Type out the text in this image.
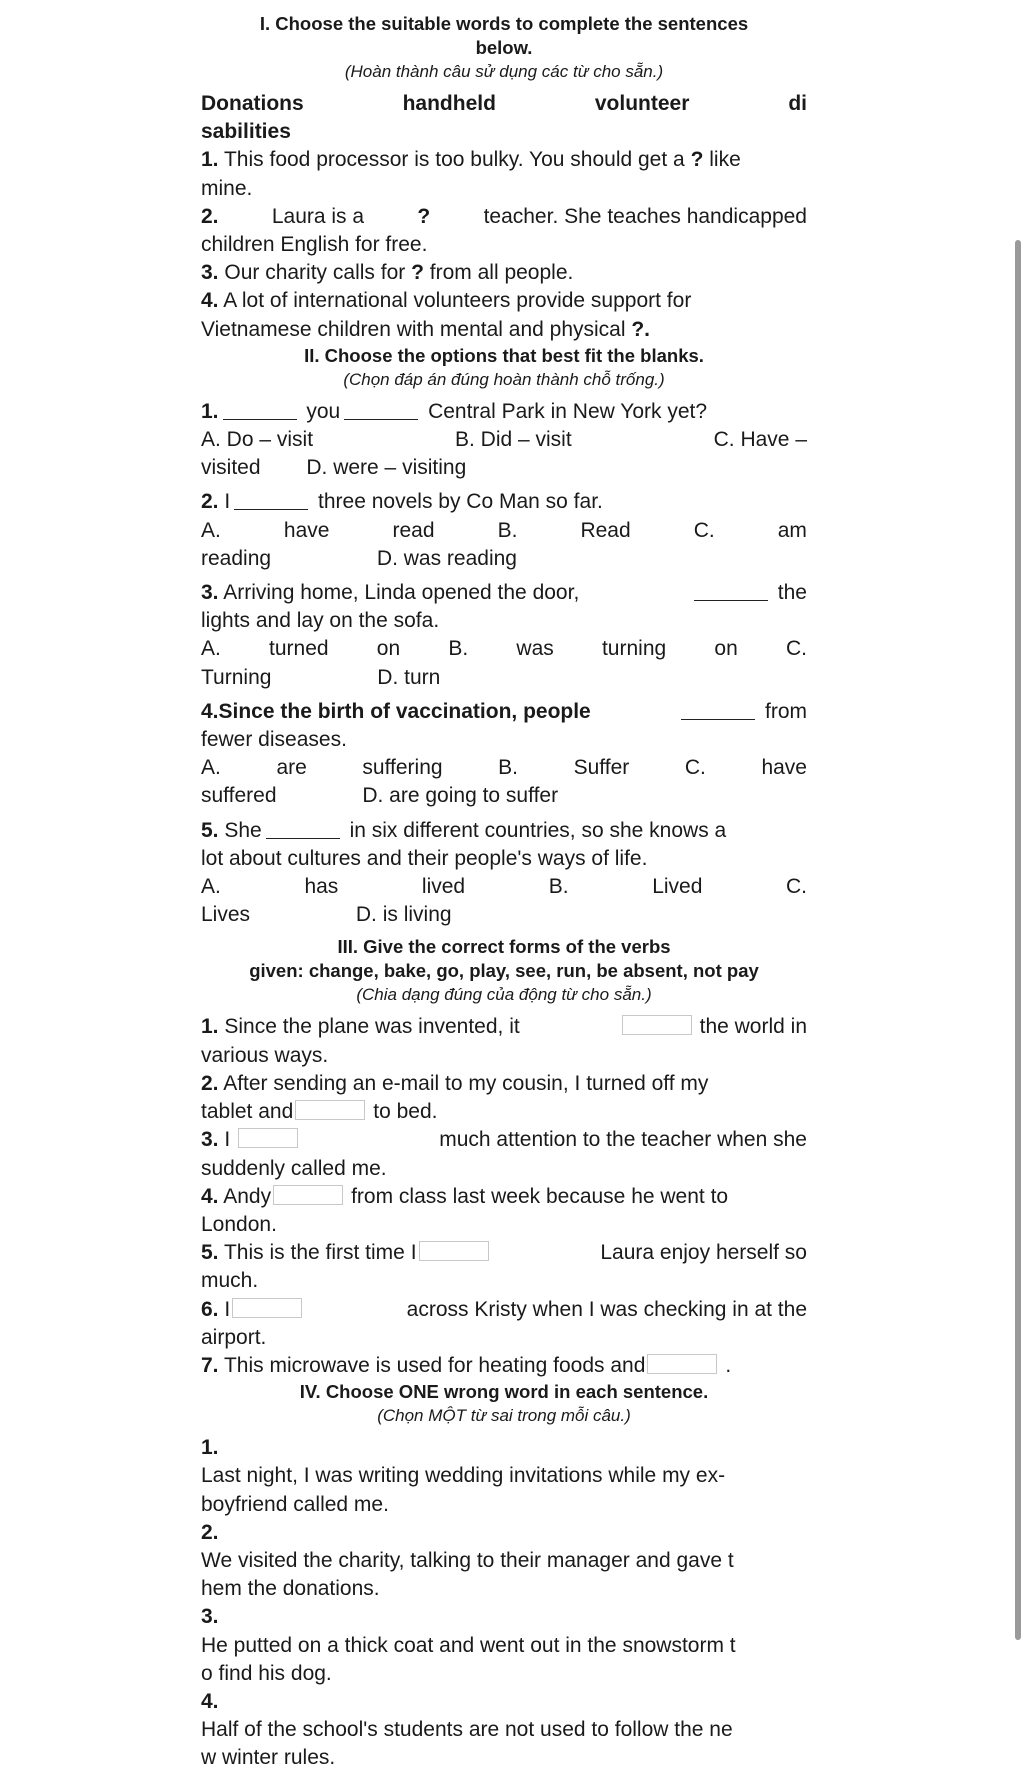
I. Choose the suitable words to complete the sentences
below.
(Hoàn thành câu sử dụng các từ cho sẵn.)
Donations	handheld	volunteer	di
sabilities
1. This food processor is too bulky. You should get a ? like
mine.
2.	Laura is a	?	teacher. She teaches handicapped
children English for free.
3. Our charity calls for ? from all people.
4. A lot of international volunteers provide support for
Vietnamese children with mental and physical ?.
II. Choose the options that best fit the blanks.
(Chọn đáp án đúng hoàn thành chỗ trống.)
1.	you	Central Park in New York yet?
A. Do – visit	B. Did – visit	C. Have –
visited D. were – visiting
2. I	three novels by Co Man so far.
A.	have	read	B.	Read	C.	am
reading	D. was reading
3. Arriving home, Linda opened the door,	the
lights and lay on the sofa.
A. turned on B. was turning on C.
Turning	D. turn
4.Since the birth of vaccination, people	from
fewer diseases.
A.	are	suffering	B.	Suffer	C.	have
suffered	D. are going to suffer
5. She	in six different countries, so she knows a
lot about cultures and their people's ways of life.
A.	has	lived	B.	Lived	C.
Lives	D. is living
III. Give the correct forms of the verbs
given: change, bake, go, play, see, run, be absent, not pay
(Chia dạng đúng của động từ cho sẵn.)
1. Since the plane was invented, it	the world in
various ways.
2. After sending an e-mail to my cousin, I turned off my
tablet and	to bed.
3. I	much attention to the teacher when she
suddenly called me.
4. Andy	from class last week because he went to
London.
5. This is the first time I	Laura enjoy herself so
much.
6. I	across Kristy when I was checking in at the
airport.
7. This microwave is used for heating foods and	.
IV. Choose ONE wrong word in each sentence.
(Chọn MỘT từ sai trong mỗi câu.)
1.
Last night, I was writing wedding invitations while my ex-
boyfriend called me.
2.
We visited the charity, talking to their manager and gave t
hem the donations.
3.
He putted on a thick coat and went out in the snowstorm t
o find his dog.
4.
Half of the school's students are not used to follow the ne
w winter rules.
